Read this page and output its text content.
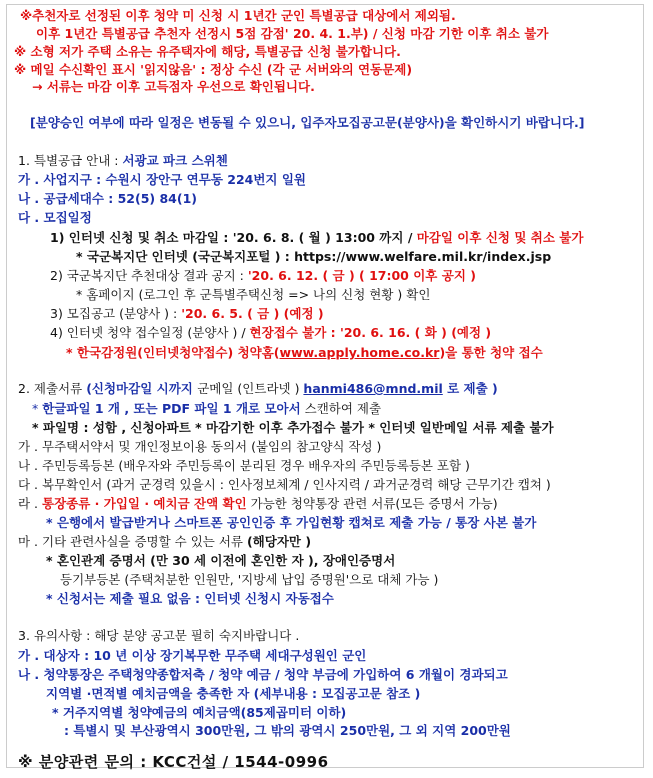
※추천자로 선정된 이후 청약 미 신청 시 1년간 군인 특별공급 대상에서 제외됨.
이후 1년간 특별공급 추천자 선정시 5점 감점' 20. 4. 1.부) / 신청 마감 기한 이후 취소 불가
※ 소형 저가 주택 소유는 유주택자에 해당, 특별공급 신청 불가합니다.
※ 메일 수신확인 표시 '읽지않음' : 정상 수신 (각 군 서버와의 연동문제)
→ 서류는 마감 이후 고득점자 우선으로 확인됩니다.
[분양승인 여부에 따라 일정은 변동될 수 있으니, 입주자모집공고문(분양사)을 확인하시기 바랍니다.]
1. 특별공급 안내 : 서광교 파크 스위첸
가 . 사업지구 : 수원시 장안구 연무동 224번지 일원
나 . 공급세대수 : 52(5) 84(1)
다 . 모집일정
1) 인터넷 신청 및 취소 마감일 : '20. 6. 8. ( 월 ) 13:00 까지 / 마감일 이후 신청 및 취소 불가
* 국군복지단 인터넷 (국군복지포털 ) : https://www.welfare.mil.kr/index.jsp
2) 국군복지단 추천대상 결과 공지 : '20. 6. 12. ( 금 ) ( 17:00 이후 공지 )
* 홈페이지 (로그인 후 군특별주택신청 => 나의 신청 현황 ) 확인
3) 모집공고 (분양사 ) : '20. 6. 5. ( 금 ) (예정 )
4) 인터넷 청약 접수일정 (분양사 ) / 현장접수 불가 : '20. 6. 16. ( 화 ) (예정 )
* 한국감정원(인터넷청약접수) 청약홈(www.apply.home.co.kr)을 통한 청약 접수
2. 제출서류 (신청마감일 시까지 군메일 (인트라넷 ) hanmi486@mnd.mil 로 제출 )
* 한글파일 1 개 , 또는 PDF 파일 1 개로 모아서 스캔하여 제출
* 파일명 : 성함 , 신청아파트 * 마감기한 이후 추가접수 불가 * 인터넷 일반메일 서류 제출 불가
가 . 무주택서약서 및 개인정보이용 동의서 (붙임의 참고양식 작성 )
나 . 주민등록등본 (배우자와 주민등록이 분리된 경우 배우자의 주민등록등본 포함 )
다 . 복무확인서 (과거 군경력 있을시 : 인사정보체계 / 인사지력 / 과거군경력 해당 근무기간 캡쳐 )
라 . 통장종류 · 가입일 · 예치금 잔액 확인 가능한 청약통장 관련 서류(모든 증명서 가능)
* 은행에서 발급받거나 스마트폰 공인인증 후 가입현황 캡쳐로 제출 가능 / 통장 사본 불가
마 . 기타 관련사실을 증명할 수 있는 서류 (해당자만 )
* 혼인관계 증명서 (만 30 세 이전에 혼인한 자 ), 장애인증명서
등기부등본 (주택처분한 인원만, '지방세 납입 증명원'으로 대체 가능 )
* 신청서는 제출 필요 없음 : 인터넷 신청시 자동접수
3. 유의사항 : 해당 분양 공고문 필히 숙지바랍니다 .
가 . 대상자 : 10 년 이상 장기복무한 무주택 세대구성원인 군인
나 . 청약통장은 주택청약종합저축 / 청약 예금 / 청약 부금에 가입하여 6 개월이 경과되고
지역별 ·면적별 예치금액을 충족한 자 (세부내용 : 모집공고문 참조 )
* 거주지역별 청약예금의 예치금액(85제곱미터 이하)
: 특별시 및 부산광역시 300만원, 그 밖의 광역시 250만원, 그 외 지역 200만원
※ 분양관련 문의 : KCC건설 / 1544-0996
